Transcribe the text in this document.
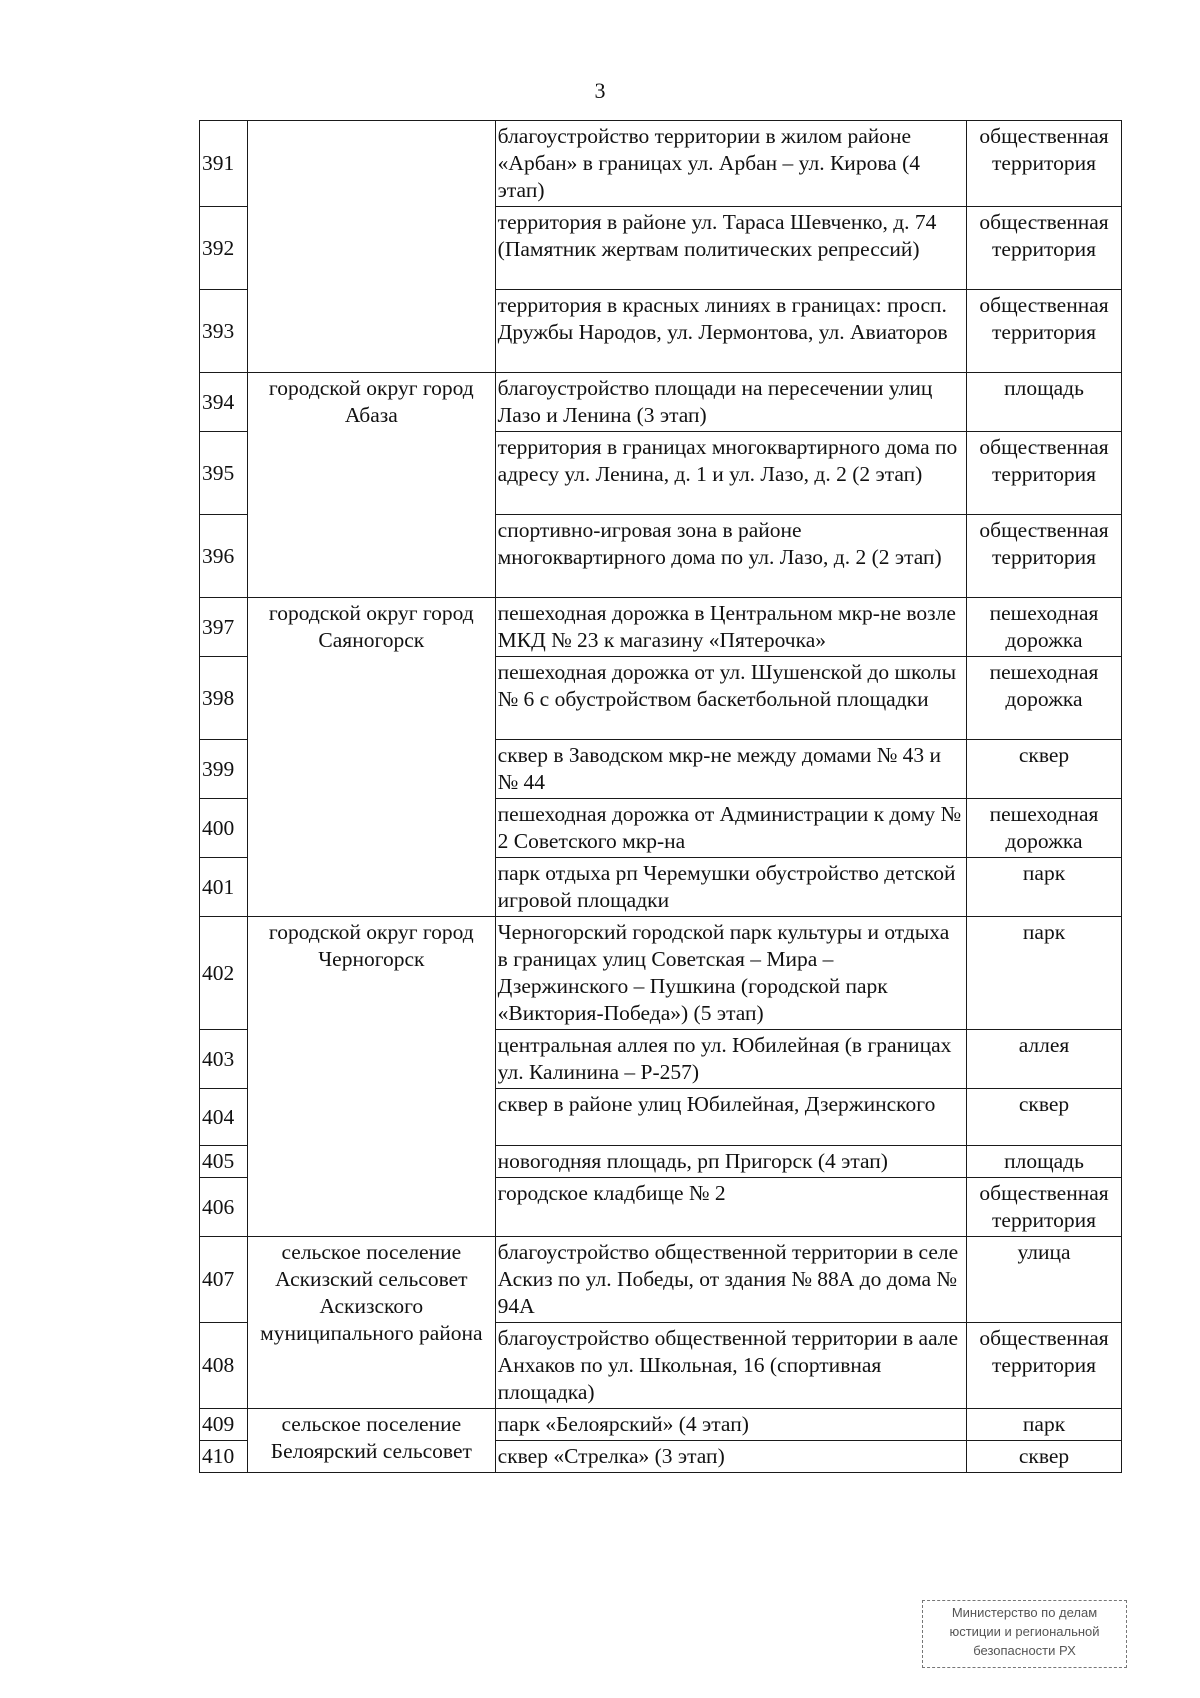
3
391		благоустройство территории в жилом районе «Арбан» в границах ул. Арбан – ул. Кирова (4 этап)	общественная территория
392		территория в районе ул. Тараса Шевченко, д. 74 (Памятник жертвам политических репрессий)	общественная территория
393		территория в красных линиях в границах: просп. Дружбы Народов, ул. Лермонтова, ул. Авиаторов	общественная территория
394	городской округ город Абаза	благоустройство площади на пересечении улиц Лазо и Ленина (3 этап)	площадь
395		территория в границах многоквартирного дома по адресу ул. Ленина, д. 1 и ул. Лазо, д. 2 (2 этап)	общественная территория
396		спортивно-игровая зона в районе многоквартирного дома по ул. Лазо, д. 2 (2 этап)	общественная территория
397	городской округ город Саяногорск	пешеходная дорожка в Центральном мкр-не возле МКД № 23 к магазину «Пятерочка»	пешеходная дорожка
398		пешеходная дорожка от ул. Шушенской до школы № 6 с обустройством баскетбольной площадки	пешеходная дорожка
399		сквер в Заводском мкр-не между домами № 43 и № 44	сквер
400		пешеходная дорожка от Администрации к дому № 2 Советского мкр-на	пешеходная дорожка
401		парк отдыха рп Черемушки обустройство детской игровой площадки	парк
402	городской округ город Черногорск	Черногорский городской парк культуры и отдыха в границах улиц Советская – Мира – Дзержинского – Пушкина (городской парк «Виктория-Победа») (5 этап)	парк
403		центральная аллея по ул. Юбилейная (в границах ул. Калинина – Р-257)	аллея
404		сквер в районе улиц Юбилейная, Дзержинского	сквер
405		новогодняя площадь, рп Пригорск (4 этап)	площадь
406		городское кладбище № 2	общественная территория
407	сельское поселение Аскизский сельсовет Аскизского муниципального района	благоустройство общественной территории в селе Аскиз по ул. Победы, от здания № 88А до дома № 94А	улица
408		благоустройство общественной территории в аале Анхаков по ул. Школьная, 16 (спортивная площадка)	общественная территория
409	сельское поселение Белоярский сельсовет	парк «Белоярский» (4 этап)	парк
410		сквер «Стрелка» (3 этап)	сквер
Министерство по делам
юстиции и региональной
безопасности РХ
